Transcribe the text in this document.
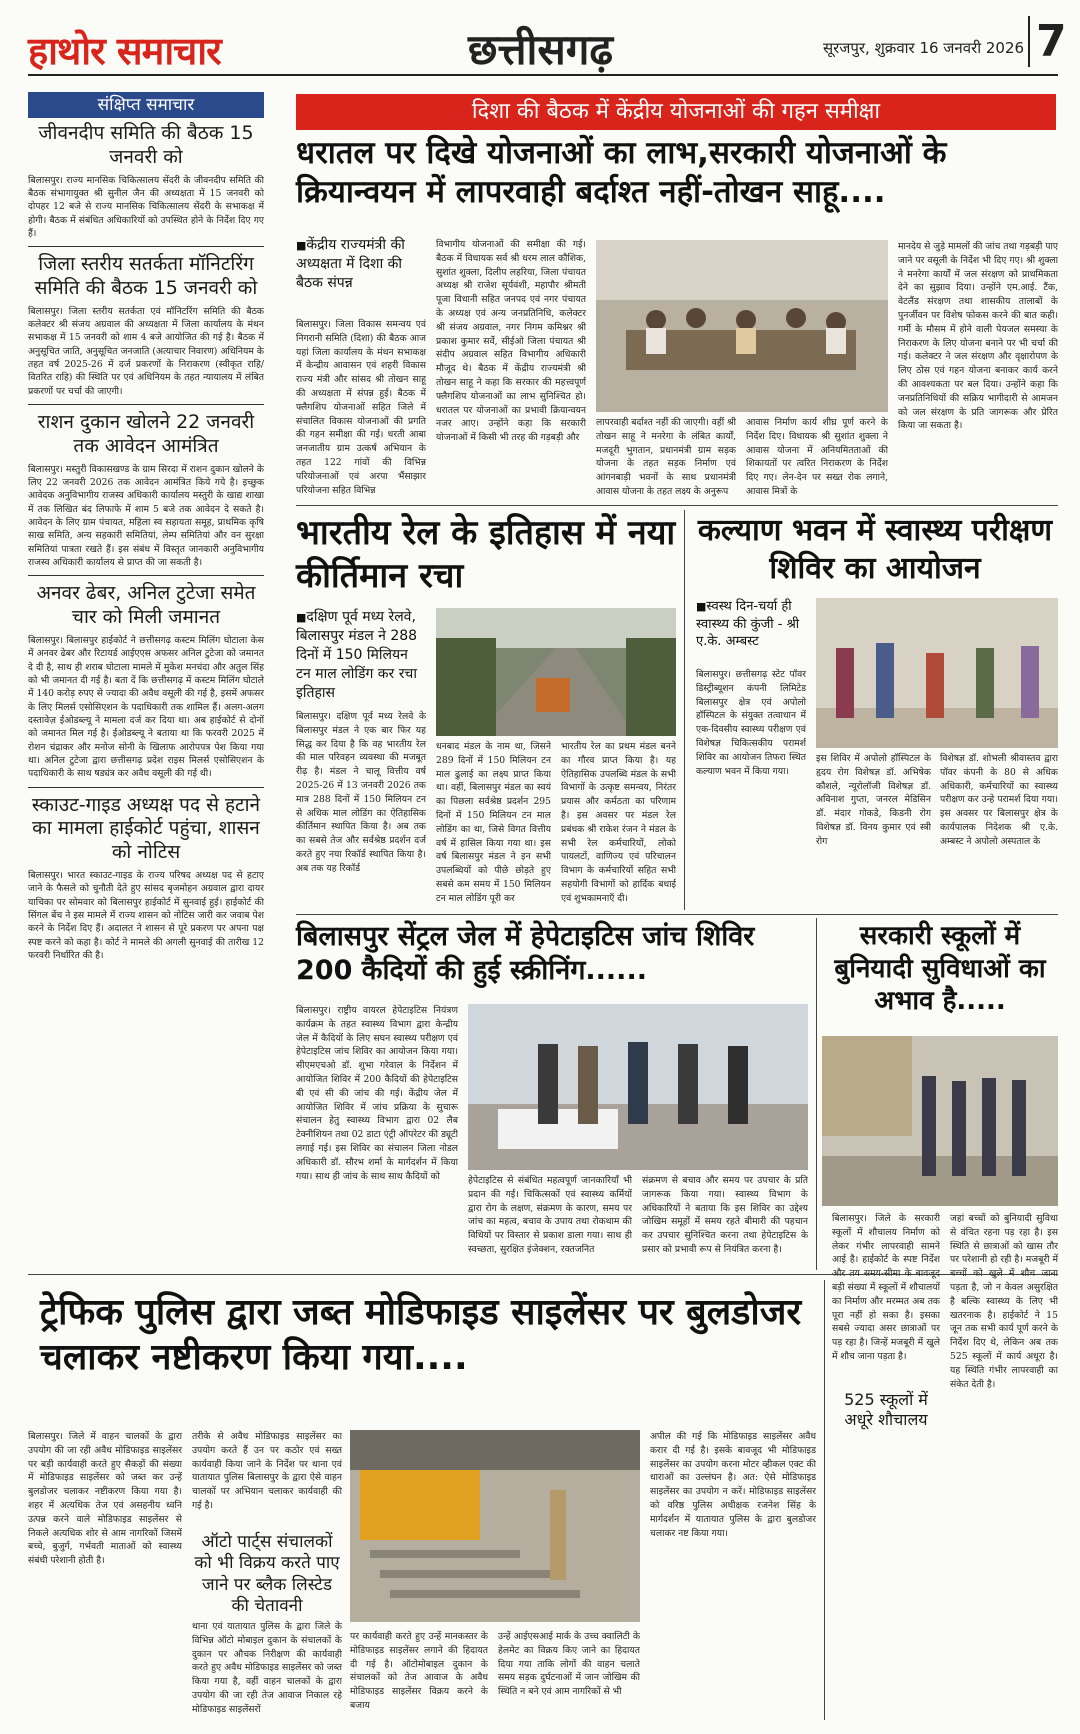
हाथोर समाचार	छत्तीसगढ़	सूरजपुर, शुक्रवार 16 जनवरी 2026 7
संक्षिप्त समाचार
जीवनदीप समिति की बैठक 15 जनवरी को
बिलासपुर। राज्य मानसिक चिकित्सालय सेंदरी के जीवनदीप समिति की बैठक संभागायुक्त श्री सुनील जैन की अध्यक्षता में 15 जनवरी को दोपहर 12 बजे से राज्य मानसिक चिकित्सालय सेंदरी के सभाकक्ष में होगी। बैठक में संबंधित अधिकारियों को उपस्थित होने के निर्देश दिए गए हैं।
जिला स्तरीय सतर्कता मॉनिटरिंग समिति की बैठक 15 जनवरी को
बिलासपुर। जिला स्तरीय सतर्कता एवं मॉनिटरिंग समिति की बैठक कलेक्टर श्री संजय अग्रवाल की अध्यक्षता में जिला कार्यालय के मंथन सभाकक्ष में 15 जनवरी को शाम 4 बजे आयोजित की गई है। बैठक में अनुसूचित जाति, अनुसूचित जनजाति (अत्याचार निवारण) अधिनियम के तहत वर्ष 2025-26 में दर्ज प्रकरणों के निराकरण (स्वीकृत राहि/वितरित राहि) की स्थिति पर एवं अधिनियम के तहत न्यायालय में लंबित प्रकरणों पर चर्चा की जाएगी।
राशन दुकान खोलने 22 जनवरी तक आवेदन आमंत्रित
बिलासपुर। मस्तुरी विकासखण्ड के ग्राम सिरदा में राशन दुकान खोलने के लिए 22 जनवरी 2026 तक आवेदन आमंत्रित किये गये है। इच्छुक आवेदक अनुविभागीय राजस्व अधिकारी कार्यालय मस्तुरी के खाद्य शाखा में तक लिखित बंद लिफाफे में शाम 5 बजे तक आवेदन दे सकते है। आवेदन के लिए ग्राम पंचायत, महिला स्व सहायता समूह, प्राथमिक कृषि साख समिति, अन्य सहकारी समितियां, लेम्प समितियां और वन सुरक्षा समितियां पात्रता रखते हैं। इस संबंध में विस्तृत जानकारी अनुविभागीय राजस्व अधिकारी कार्यालय से प्राप्त की जा सकती है।
अनवर ढेबर, अनिल टुटेजा समेत चार को मिली जमानत
बिलासपुर। बिलासपुर हाईकोर्ट ने छत्तीसगढ़ कस्टम मिलिंग घोटाला केस में अनवर ढेबर और रिटायर्ड आईएएस अफसर अनिल टुटेजा को जमानत दे दी है, साथ ही शराब घोटाला मामले में मुकेश मनचंदा और अतुल सिंह को भी जमानत दी गई है। बता दें कि छत्तीसगढ़ में कस्टम मिलिंग घोटाले में 140 करोड़ रुपए से ज्यादा की अवैध वसूली की गई है, इसमें अफसर के लिए मिलर्स एसोसिएशन के पदाधिकारी तक शामिल हैं। अलग-अलग दस्तावेज़ ईओडब्ल्यू ने मामला दर्ज कर दिया था। अब हाईकोर्ट से दोनों को जमानत मिल गई है। ईओडब्ल्यू ने बताया था कि फरवरी 2025 में रोशन चंद्राकर और मनोज सोनी के खिलाफ आरोपपत्र पेश किया गया था। अनिल टुटेजा द्वारा छत्तीसगढ़ प्रदेश राइस मिलर्स एसोसिएशन के पदाधिकारी के साथ षड्यंत्र कर अवैध वसूली की गई थी।
स्काउट-गाइड अध्यक्ष पद से हटाने का मामला हाईकोर्ट पहुंचा, शासन को नोटिस
बिलासपुर। भारत स्काउट-गाइड के राज्य परिषद अध्यक्ष पद से हटाए जाने के फैसले को चुनौती देते हुए सांसद बृजमोहन अग्रवाल द्वारा दायर याचिका पर सोमवार को बिलासपुर हाईकोर्ट में सुनवाई हुई। हाईकोर्ट की सिंगल बेंच ने इस मामले में राज्य शासन को नोटिस जारी कर जवाब पेश करने के निर्देश दिए हैं। अदालत ने शासन से पूरे प्रकरण पर अपना पक्ष स्पष्ट करने को कहा है। कोर्ट ने मामले की अगली सुनवाई की तारीख 12 फरवरी निर्धारित की है।
दिशा की बैठक में केंद्रीय योजनाओं की गहन समीक्षा
धरातल पर दिखे योजनाओं का लाभ,सरकारी योजनाओं के क्रियान्वयन में लापरवाही बर्दाश्त नहीं-तोखन साहू....
■ केंद्रीय राज्यमंत्री की अध्यक्षता में दिशा की बैठक संपन्न
बिलासपुर। जिला विकास समन्वय एवं निगरानी समिति (दिशा) की बैठक आज यहां जिला कार्यालय के मंथन सभाकक्ष में केन्द्रीय आवासन एवं शहरी विकास राज्य मंत्री और सांसद श्री तोखन साहू की अध्यक्षता में संपन्न हुई। बैठक में फ्लैगशिप योजनाओं सहित जिले में संचालित विकास योजनाओं की प्रगति की गहन समीक्षा की गई। धरती आबा जनजातीय ग्राम उत्कर्ष अभियान के तहत 122 गांवों की विभिन्न परियोजनाओं एवं अरपा भैंसाझार परियोजना सहित विभिन्न
विभागीय योजनाओं की समीक्षा की गई। बैठक में विधायक सर्व श्री धरम लाल कौशिक, सुशांत शुक्ला, दिलीप लहरिया, जिला पंचायत अध्यक्ष श्री राजेश सूर्यवंशी, महापौर श्रीमती पूजा विधानी सहित जनपद एवं नगर पंचायत के अध्यक्ष एवं अन्य जनप्रतिनिधि, कलेक्टर श्री संजय अग्रवाल, नगर निगम कमिश्नर श्री प्रकाश कुमार सर्वे, सीईओ जिला पंचायत श्री संदीप अग्रवाल सहित विभागीय अधिकारी मौजूद थे। बैठक में केंद्रीय राज्यमंत्री श्री तोखन साहू ने कहा कि सरकार की महत्त्वपूर्ण फ्लैगशिप योजनाओं का लाभ सुनिश्चित हो। धरातल पर योजनाओं का प्रभावी क्रियान्वयन नजर आए। उन्होंने कहा कि सरकारी योजनाओं में किसी भी तरह की गड़बड़ी और
लापरवाही बर्दाश्त नहीं की जाएगी। वहीं श्री तोखन साहू ने मनरेगा के लंबित कार्यों, मजदूरी भुगतान, प्रधानमंत्री ग्राम सड़क योजना के तहत सड़क निर्माण एवं आंगनबाड़ी भवनों के साथ प्रधानमंत्री आवास योजना के तहत लक्ष्य के अनुरूप
आवास निर्माण कार्य शीघ्र पूर्ण करने के निर्देश दिए। विधायक श्री सुशांत शुक्ला ने आवास योजना में अनियमितताओं की शिकायतों पर त्वरित निराकरण के निर्देश दिए गए। लेन-देन पर सख्त रोक लगाने, आवास मित्रों के
मानदेय से जुड़े मामलों की जांच तथा गड़बड़ी पाए जाने पर वसूली के निर्देश भी दिए गए। श्री शुक्ला ने मनरेगा कार्यों में जल संरक्षण को प्राथमिकता देने का सुझाव दिया। उन्होंने एम.आई. टैंक, वेटलैंड संरक्षण तथा शासकीय तालाबों के पुनर्जीवन पर विशेष फोकस करने की बात कही। गर्मी के मौसम में होने वाली पेयजल समस्या के निराकरण के लिए योजना बनाने पर भी चर्चा की गई। कलेक्टर ने जल संरक्षण और वृक्षारोपण के लिए ठोस एवं गहन योजना बनाकर कार्य करने की आवश्यकता पर बल दिया। उन्होंने कहा कि जनप्रतिनिधियों की सक्रिय भागीदारी से आमजन को जल संरक्षण के प्रति जागरूक और प्रेरित किया जा सकता है।
भारतीय रेल के इतिहास में नया कीर्तिमान रचा
■ दक्षिण पूर्व मध्य रेलवे, बिलासपुर मंडल ने 288 दिनों में 150 मिलियन टन माल लोडिंग कर रचा इतिहास
बिलासपुर। दक्षिण पूर्व मध्य रेलवे के बिलासपुर मंडल ने एक बार फिर यह सिद्ध कर दिया है कि वह भारतीय रेल की माल परिवहन व्यवस्था की मजबूत रीढ़ है। मंडल ने चालू वित्तीय वर्ष 2025-26 में 13 जनवरी 2026 तक मात्र 288 दिनों में 150 मिलियन टन से अधिक माल लोडिंग का ऐतिहासिक कीर्तिमान स्थापित किया है। अब तक का सबसे तेज और सर्वश्रेष्ठ प्रदर्शन दर्ज करते हुए नया रिकॉर्ड स्थापित किया है। अब तक यह रिकॉर्ड
धनबाद मंडल के नाम था, जिसने 289 दिनों में 150 मिलियन टन माल ढुलाई का लक्ष्य प्राप्त किया था। वहीं, बिलासपुर मंडल का स्वयं का पिछला सर्वश्रेष्ठ प्रदर्शन 295 दिनों में 150 मिलियन टन माल लोडिंग का था, जिसे विगत वित्तीय वर्ष में हासिल किया गया था। इस वर्ष बिलासपुर मंडल ने इन सभी उपलब्धियों को पीछे छोड़ते हुए सबसे कम समय में 150 मिलियन टन माल लोडिंग पूरी कर
भारतीय रेल का प्रथम मंडल बनने का गौरव प्राप्त किया है। यह ऐतिहासिक उपलब्धि मंडल के सभी विभागों के उत्कृष्ट समन्वय, निरंतर प्रयास और कर्मठता का परिणाम है। इस अवसर पर मंडल रेल प्रबंधक श्री राकेश रंजन ने मंडल के सभी रेल कर्मचारियों, लोको पायलटों, वाणिज्य एवं परिचालन विभाग के कर्मचारियों सहित सभी सहयोगी विभागों को हार्दिक बधाई एवं शुभकामनाएँ दी।
कल्याण भवन में स्वास्थ्य परीक्षण शिविर का आयोजन
■ स्वस्थ दिन-चर्या ही स्वास्थ्य की कुंजी - श्री ए.के. अम्बस्ट
बिलासपुर। छत्तीसगढ़ स्टेट पॉवर डिस्ट्रीब्यूशन कंपनी लिमिटेड बिलासपुर क्षेत्र एवं अपोलो हॉस्पिटल के संयुक्त तत्वाधान में एक-दिवसीय स्वास्थ्य परीक्षण एवं विशेषज्ञ चिकित्सकीय परामर्श शिविर का आयोजन तिफरा स्थित कल्याण भवन में किया गया।
इस शिविर में अपोलो हॉस्पिटल के हृदय रोग विशेषज्ञ डॉ. अभिषेक कौशले, न्यूरोलॉजी विशेषज्ञ डॉ. अविनाश गुप्ता, जनरल मेडिसिन डॉ. मंदार गोकडे, किडनी रोग विशेषज्ञ डॉ. विनय कुमार एवं स्त्री रोग
विशेषज्ञ डॉ. शोभली श्रीवास्तव द्वारा पॉवर कंपनी के 80 से अधिक अधिकारी, कर्मचारियों का स्वास्थ्य परीक्षण कर उन्हे परामर्श दिया गया। इस अवसर पर बिलासपुर क्षेत्र के कार्यपालक निदेशक श्री ए.के. अम्बस्ट ने अपोलो अस्पताल के
बिलासपुर सेंट्रल जेल में हेपेटाइटिस जांच शिविर 200 कैदियों की हुई स्क्रीनिंग......
बिलासपुर। राष्ट्रीय वायरल हेपेटाइटिस नियंत्रण कार्यक्रम के तहत स्वास्थ्य विभाग द्वारा केन्द्रीय जेल में कैदियों के लिए सघन स्वास्थ्य परीक्षण एवं हेपेटाइटिस जांच शिविर का आयोजन किया गया। सीएमएचओ डॉ. शुभा गरेवाल के निर्देशन में आयोजित शिविर में 200 कैदियों की हेपेटाइटिस बी एवं सी की जांच की गई। केंद्रीय जेल में आयोजित शिविर में जांच प्रक्रिया के सुचारू संचालन हेतु स्वास्थ्य विभाग द्वारा 02 लैब टेक्नीशियन तथा 02 डाटा एंट्री ऑपरेटर की ड्यूटी लगाई गई। इस शिविर का संचालन जिला नोडल अधिकारी डॉ. सौरभ शर्मा के मार्गदर्शन में किया गया। साथ ही जांच के साथ साथ कैदियों को	हेपेटाइटिस से संबंधित महत्वपूर्ण जानकारियाँ भी प्रदान की गई। चिकित्सकों एवं स्वास्थ्य कर्मियों द्वारा रोग के लक्षण, संक्रमण के कारण, समय पर जांच का महत्व, बचाव के उपाय तथा रोकथाम की विधियों पर विस्तार से प्रकाश डाला गया। साथ ही स्वच्छता, सुरक्षित इंजेक्शन, रक्तजनित
संक्रमण से बचाव और समय पर उपचार के प्रति जागरूक किया गया। स्वास्थ्य विभाग के अधिकारियों ने बताया कि इस शिविर का उद्देश्य जोखिम समूहों में समय रहते बीमारी की पहचान कर उपचार सुनिश्चित करना तथा हेपेटाइटिस के प्रसार को प्रभावी रूप से नियंत्रित करना है।
सरकारी स्कूलों में बुनियादी सुविधाओं का अभाव है.....
ट्रेफिक पुलिस द्वारा जब्त मोडिफाइड साइलेंसर पर बुलडोजर चलाकर नष्टीकरण किया गया....
बिलासपुर। जिले में वाहन चालकों के द्वारा उपयोग की जा रही अवैध मोडिफाइड साइलेंसर पर बड़ी कार्यवाही करते हुए सैकड़ों की संख्या में मोडिफाइड साइलेंसर को जब्त कर उन्हें बुलडोजर चलाकर नष्टीकरण किया गया है। शहर में अत्यधिक तेज एवं असहनीय ध्वनि उत्पन्न करने वाले मोडिफाइड साइलेंसर से निकले अत्यधिक शोर से आम नागरिकों जिसमें बच्चे, बुजुर्ग, गर्भवती माताओं को स्वास्थ्य संबंधी परेशानी होती है।
तरीके से अवैध मोडिफाइड साइलेंसर का उपयोग करते हैं उन पर कठोर एवं सख्त कार्यवाही किया जाने के निर्देश पर थाना एवं यातायात पुलिस बिलासपुर के द्वारा ऐसे वाहन चालकों पर अभियान चलाकर कार्यवाही की गई है।
ऑटो पार्ट्स संचालकों को भी विक्रय करते पाए जाने पर ब्लैक लिस्टेड की चेतावनी
थाना एवं यातायात पुलिस के द्वारा जिले के विभिन्न ऑटो मोबाइल दुकान के संचालकों के दुकान पर औचक निरीक्षण की कार्यवाही करते हुए अवैध मोडिफाइड साइलेंसर को जब्त किया गया है, वहीं वाहन चालकों के द्वारा उपयोग की जा रही तेज आवाज निकाल रहे मोडिफाइड साइलेंसरों
पर कार्यवाही करते हुए उन्हें मानकस्तर के मोडिफाइड साइलेंसर लगाने की हिदायत दी गई है। ऑटोमोबाइल दुकान के संचालकों को तेज आवाज के अवैध मोडिफाइड साइलेंसर विक्रय करने के बजाय
उन्हें आईएसआई मार्क के उच्च क्वालिटी के हेलमेट का विक्रय किए जाने का हिदायत दिया गया ताकि लोगों की वाहन चलाते समय सड़क दुर्घटनाओं में जान जोखिम की स्थिति न बने एवं आम नागरिकों से भी
अपील की गई कि मोडिफाइड साइलेंसर अवैध करार दी गई है। इसके बावजूद भी मोडिफाइड साइलेंसर का उपयोग करना मोटर व्हीकल एक्ट की धाराओं का उल्लंघन है। अत: ऐसे मोडिफाइड साइलेंसर का उपयोग न करें। मोडिफाइड साइलेंसर को वरिष्ठ पुलिस अधीक्षक रजनेश सिंह के मार्गदर्शन में यातायात पुलिस के द्वारा बुलडोजर चलाकर नष्ट किया गया।
बिलासपुर। जिले के सरकारी स्कूलों में शौचालय निर्माण को लेकर गंभीर लापरवाही सामने आई है। हाईकोर्ट के स्पष्ट निर्देश और तय समय-सीमा के बावजूद बड़ी संख्या में स्कूलों में शौचालयों का निर्माण और मरम्मत अब तक पूरा नहीं हो सका है। इसका सबसे ज्यादा असर छात्राओं पर पड़ रहा है। जिन्हें मजबूरी में खुले में शौच जाना पड़ता है।
525 स्कूलों में अधूरे शौचालय
जहां बच्चों को बुनियादी सुविधा से वंचित रहना पड़ रहा है। इस स्थिति से छात्राओं को खास तौर पर परेशानी हो रही है। मजबूरी में बच्चों को खुले में शौच जाना पड़ता है, जो न केवल असुरक्षित है बल्कि स्वास्थ्य के लिए भी खतरनाक है। हाईकोर्ट ने 15 जून तक सभी कार्य पूर्ण करने के निर्देश दिए थे, लेकिन अब तक 525 स्कूलों में कार्य अधूरा है। यह स्थिति गंभीर लापरवाही का संकेत देती है।
